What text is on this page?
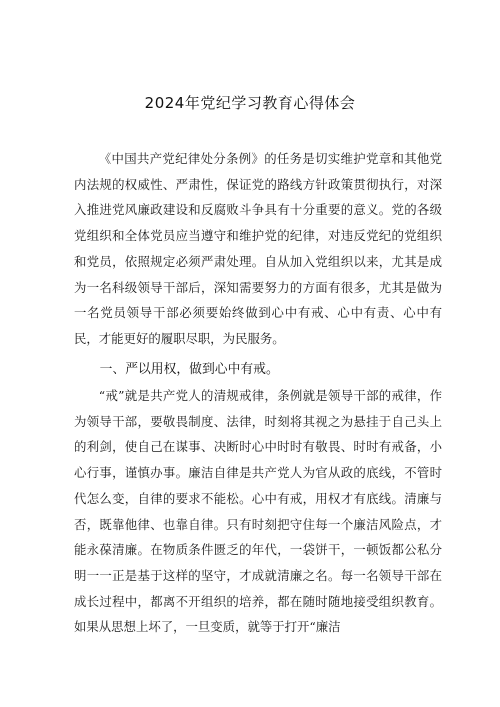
2024年党纪学习教育心得体会

《中国共产党纪律处分条例》的任务是切实维护党章和其他党内法规的权威性、严肃性，保证党的路线方针政策贯彻执行，对深入推进党风廉政建设和反腐败斗争具有十分重要的意义。党的各级党组织和全体党员应当遵守和维护党的纪律，对违反党纪的党组织和党员，依照规定必须严肃处理。自从加入党组织以来，尤其是成为一名科级领导干部后，深知需要努力的方面有很多，尤其是做为一名党员领导干部必须要始终做到心中有戒、心中有责、心中有民，才能更好的履职尽职，为民服务。

一、严以用权，做到心中有戒。

“戒”就是共产党人的清规戒律，条例就是领导干部的戒律，作为领导干部，要敬畏制度、法律，时刻将其视之为悬挂于自己头上的利剑，使自己在谋事、决断时心中时时有敬畏、时时有戒备，小心行事，谨慎办事。廉洁自律是共产党人为官从政的底线，不管时代怎么变，自律的要求不能松。心中有戒，用权才有底线。清廉与否，既靠他律、也靠自律。只有时刻把守住每一个廉洁风险点，才能永葆清廉。在物质条件匮乏的年代，一袋饼干，一顿饭都公私分明一一正是基于这样的坚守，才成就清廉之名。每一名领导干部在成长过程中，都离不开组织的培养，都在随时随地接受组织教育。如果从思想上坏了，一旦变质，就等于打开“廉洁
